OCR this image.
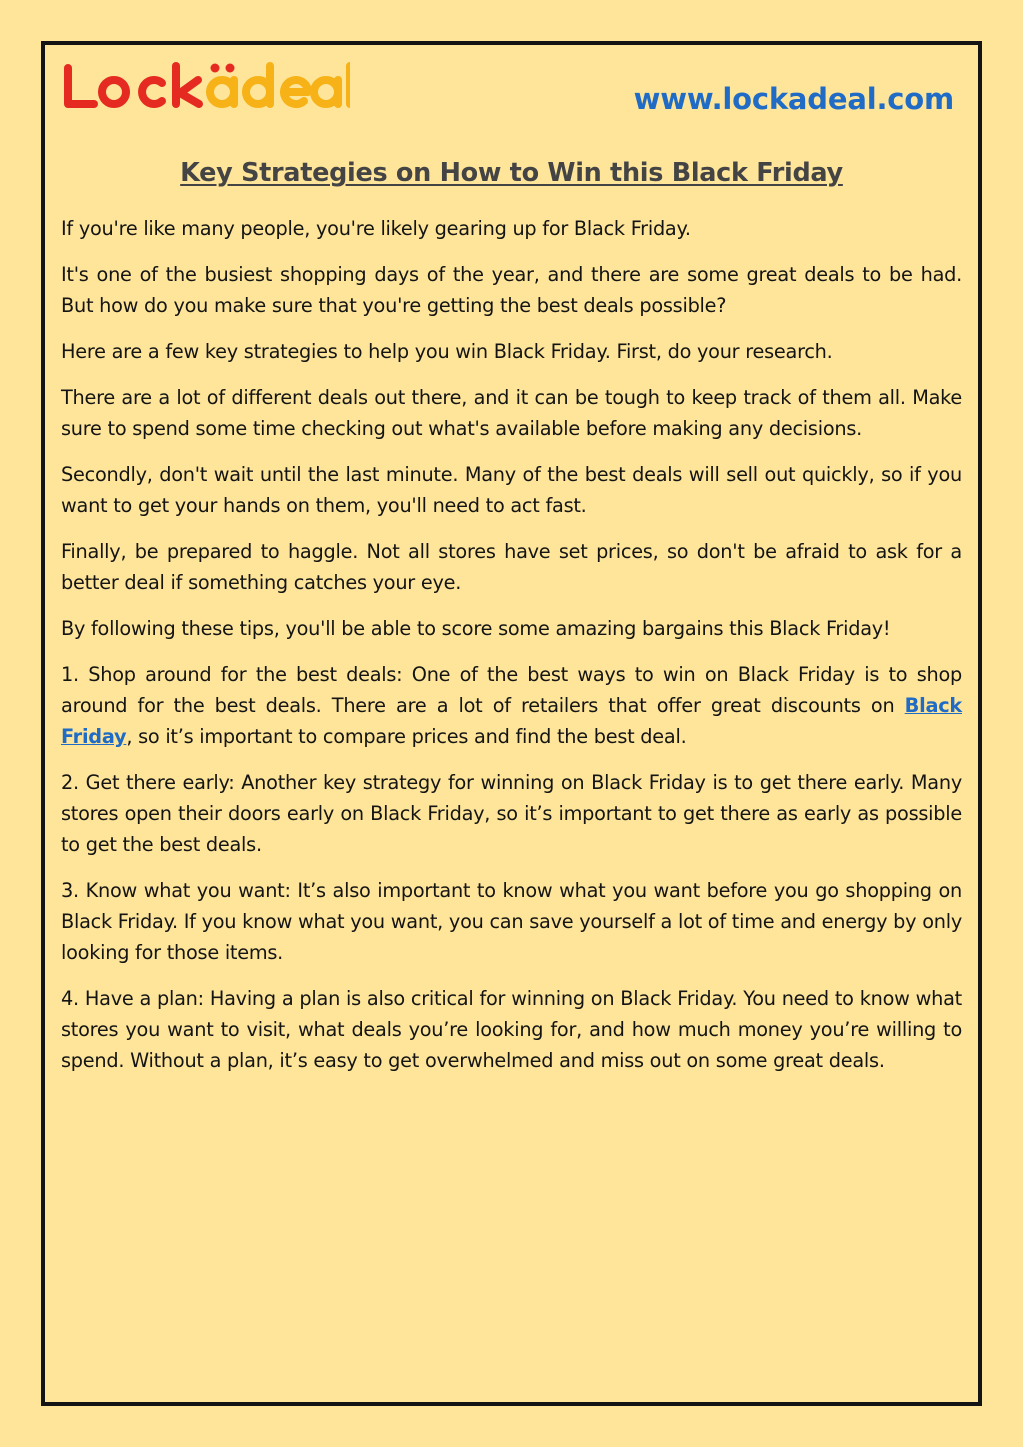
www.lockadeal.com
Key Strategies on How to Win this Black Friday

If you're like many people, you're likely gearing up for Black Friday.

It's one of the busiest shopping days of the year, and there are some great deals to be had. But how do you make sure that you're getting the best deals possible?

Here are a few key strategies to help you win Black Friday. First, do your research.

There are a lot of different deals out there, and it can be tough to keep track of them all. Make sure to spend some time checking out what's available before making any decisions.

Secondly, don't wait until the last minute. Many of the best deals will sell out quickly, so if you want to get your hands on them, you'll need to act fast.

Finally, be prepared to haggle. Not all stores have set prices, so don't be afraid to ask for a better deal if something catches your eye.

By following these tips, you'll be able to score some amazing bargains this Black Friday!

1. Shop around for the best deals: One of the best ways to win on Black Friday is to shop around for the best deals. There are a lot of retailers that offer great discounts on Black Friday, so it’s important to compare prices and find the best deal.

2. Get there early: Another key strategy for winning on Black Friday is to get there early. Many stores open their doors early on Black Friday, so it’s important to get there as early as possible to get the best deals.

3. Know what you want: It’s also important to know what you want before you go shopping on Black Friday. If you know what you want, you can save yourself a lot of time and energy by only looking for those items.

4. Have a plan: Having a plan is also critical for winning on Black Friday. You need to know what stores you want to visit, what deals you’re looking for, and how much money you’re willing to spend. Without a plan, it’s easy to get overwhelmed and miss out on some great deals.
